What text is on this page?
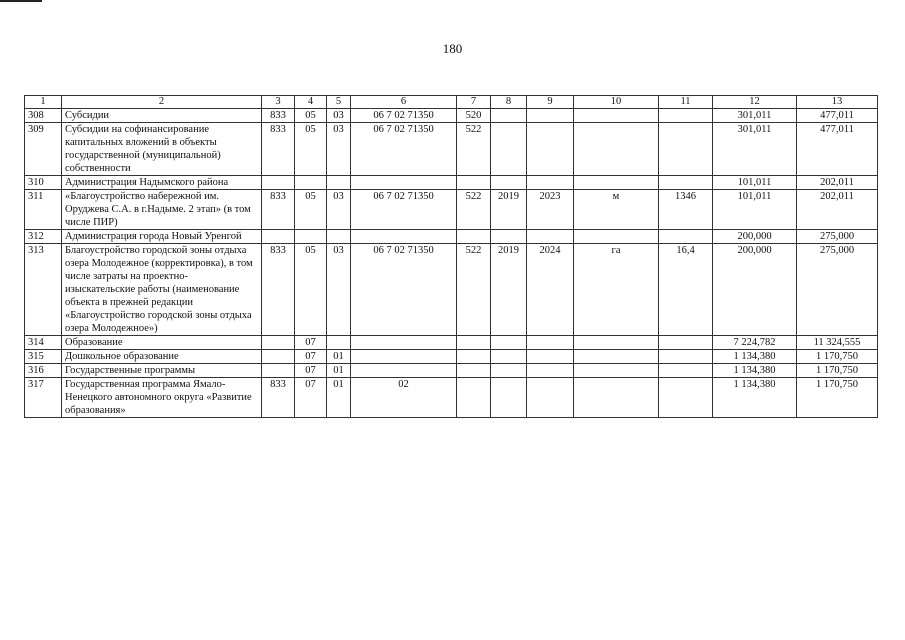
180
1	2	3	4	5	6	7	8	9	10	11	12	13
308	Субсидии	833	05	03	06 7 02 71350	520					301,011	477,011
309	Субсидии на софинансирование капитальных вложений в объекты государственной (муниципальной) собственности	833	05	03	06 7 02 71350	522					301,011	477,011
310	Администрация Надымского района										101,011	202,011
311	«Благоустройство набережной им. Оруджева С.А. в г.Надыме. 2 этап» (в том числе ПИР)	833	05	03	06 7 02 71350	522	2019	2023	м	1346	101,011	202,011
312	Администрация города Новый Уренгой										200,000	275,000
313	Благоустройство городской зоны отдыха озера Молодежное (корректировка), в том числе затраты на проектно-изыскательские работы (наименование объекта в прежней редакции «Благоустройство городской зоны отдыха озера Молодежное»)	833	05	03	06 7 02 71350	522	2019	2024	га	16,4	200,000	275,000
314	Образование		07								7 224,782	11 324,555
315	Дошкольное образование		07	01							1 134,380	1 170,750
316	Государственные программы		07	01							1 134,380	1 170,750
317	Государственная программа Ямало-Ненецкого автономного округа «Развитие образования»	833	07	01	02						1 134,380	1 170,750
